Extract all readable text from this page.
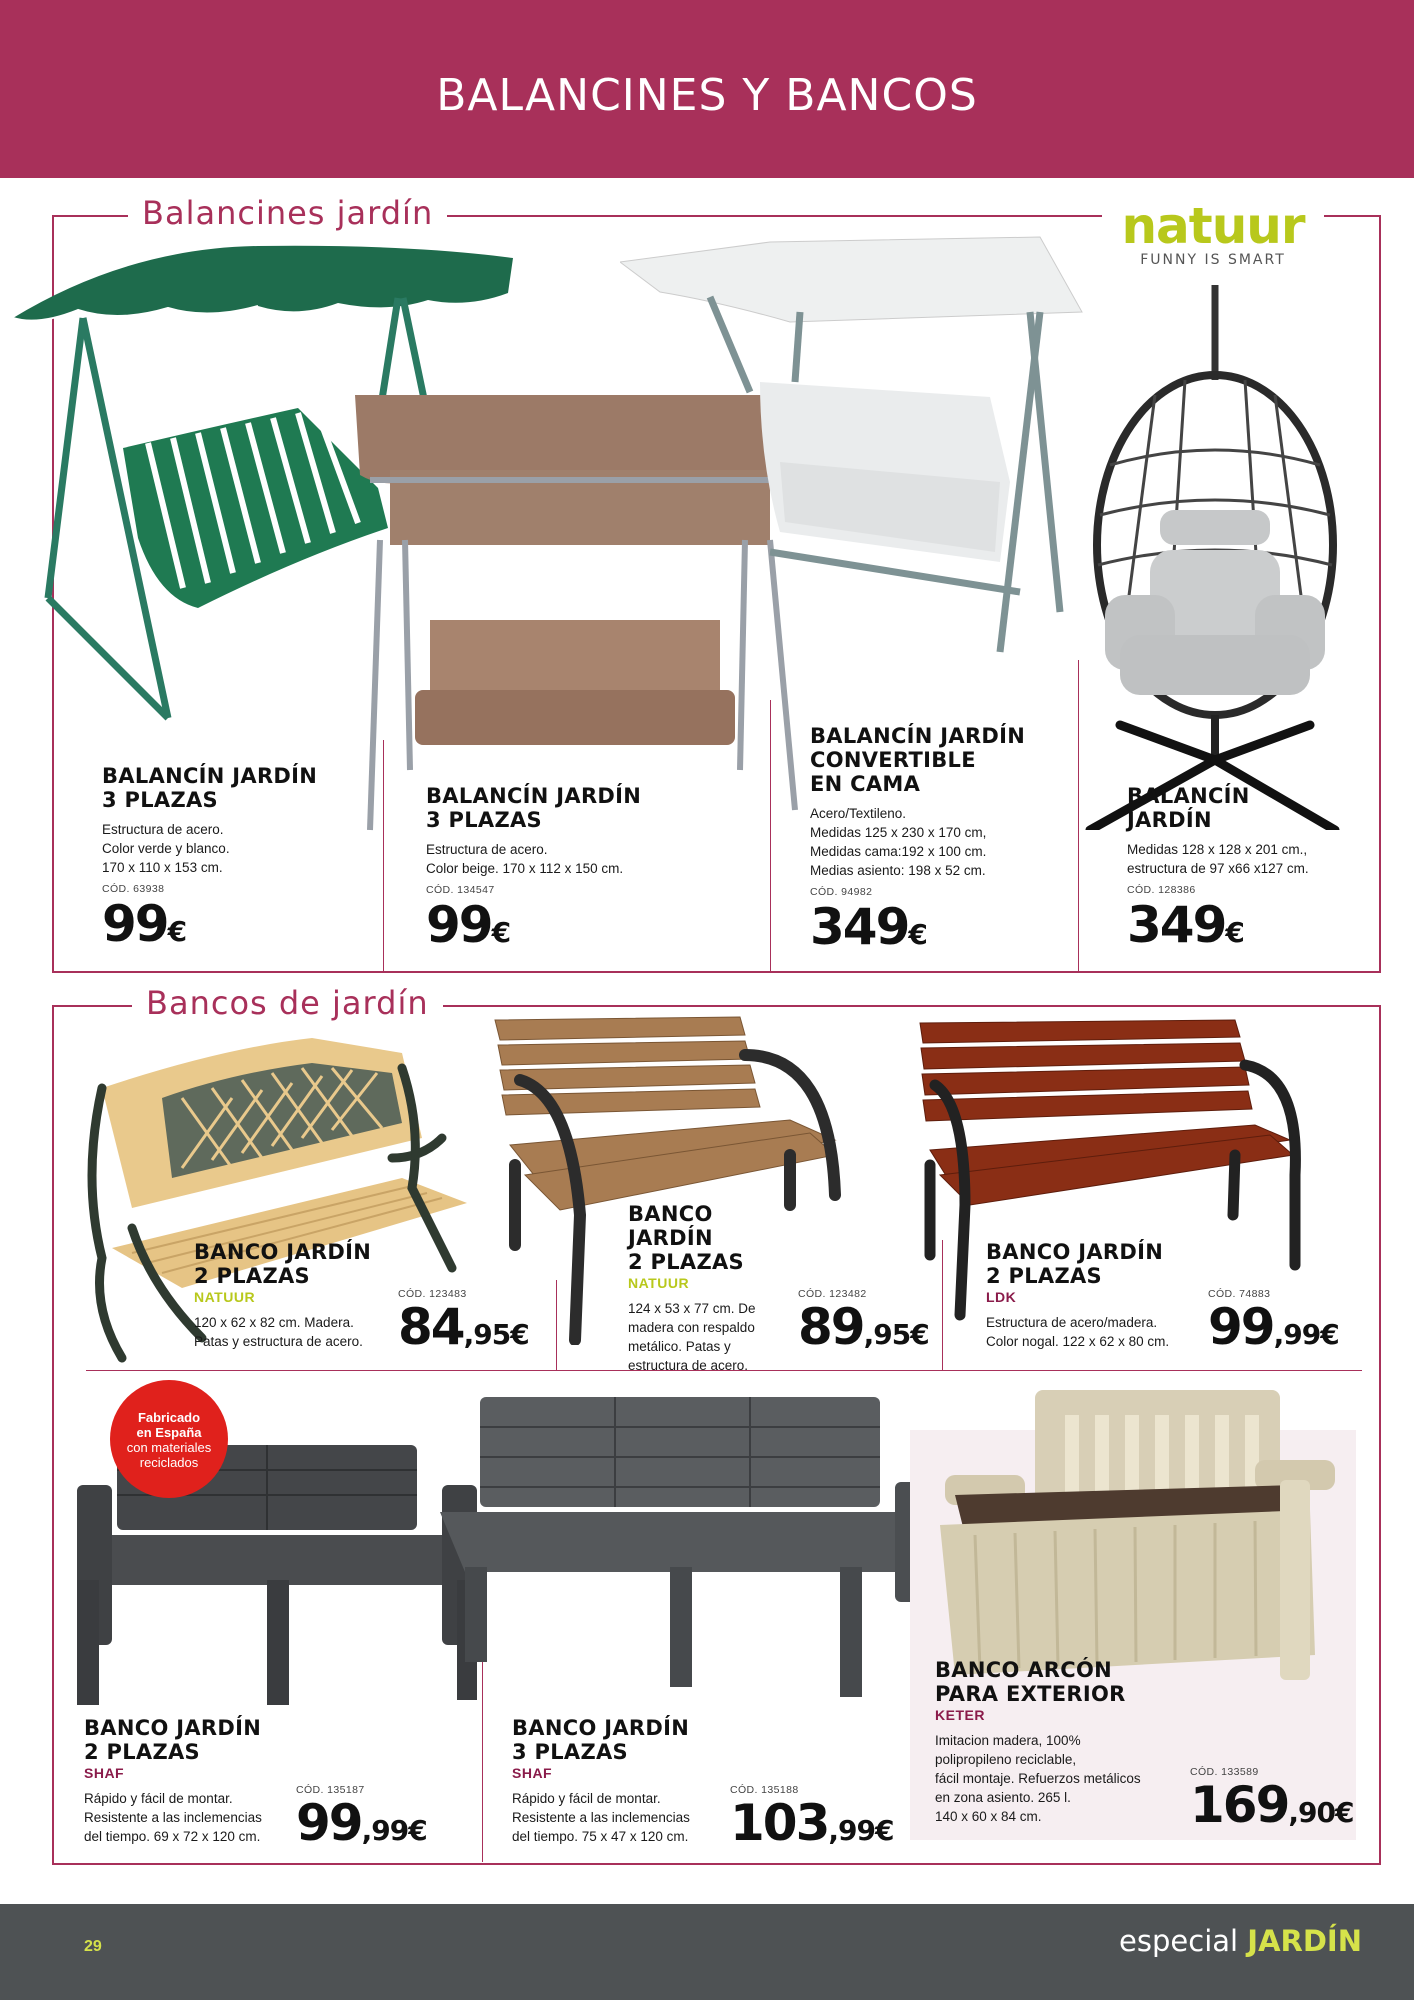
BALANCINES Y BANCOS
Balancines jardín	natuur
FUNNY IS SMART
BALANCÍN JARDÍN
3 PLAZAS
Estructura de acero.
Color verde y blanco.
170 x 110 x 153 cm.
CÓD. 63938
99€
BALANCÍN JARDÍN
3 PLAZAS
Estructura de acero.
Color beige. 170 x 112 x 150 cm.
CÓD. 134547
99€
BALANCÍN JARDÍN
CONVERTIBLE
EN CAMA
Acero/Textileno.
Medidas 125 x 230 x 170 cm,
Medidas cama:192 x 100 cm.
Medias asiento: 198 x 52 cm.
CÓD. 94982
349€
BALANCÍN
JARDÍN
Medidas 128 x 128 x 201 cm.,
estructura de 97 x66 x127 cm.
CÓD. 128386
349€
Bancos de jardín
BANCO JARDÍN
2 PLAZAS
NATUUR
120 x 62 x 82 cm. Madera.
Patas y estructura de acero.
CÓD. 123483
84,95€
BANCO JARDÍN
2 PLAZAS
NATUUR
124 x 53 x 77 cm. De
madera con respaldo
metálico. Patas y
estructura de acero.
CÓD. 123482
89,95€
BANCO JARDÍN
2 PLAZAS
LDK
Estructura de acero/madera.
Color nogal. 122 x 62 x 80 cm.
CÓD. 74883
99,99€
Fabricado
en España
con materiales
reciclados
BANCO JARDÍN
2 PLAZAS
SHAF
Rápido y fácil de montar.
Resistente a las inclemencias
del tiempo. 69 x 72 x 120 cm.
CÓD. 135187
99,99€
BANCO JARDÍN
3 PLAZAS
SHAF
Rápido y fácil de montar.
Resistente a las inclemencias
del tiempo. 75 x 47 x 120 cm.
CÓD. 135188
103,99€
BANCO ARCÓN
PARA EXTERIOR
KETER
Imitacion madera, 100%
polipropileno reciclable,
fácil montaje. Refuerzos metálicos
en zona asiento. 265 l.
140 x 60 x 84 cm.
CÓD. 133589
169,90€
29	especial JARDÍN
